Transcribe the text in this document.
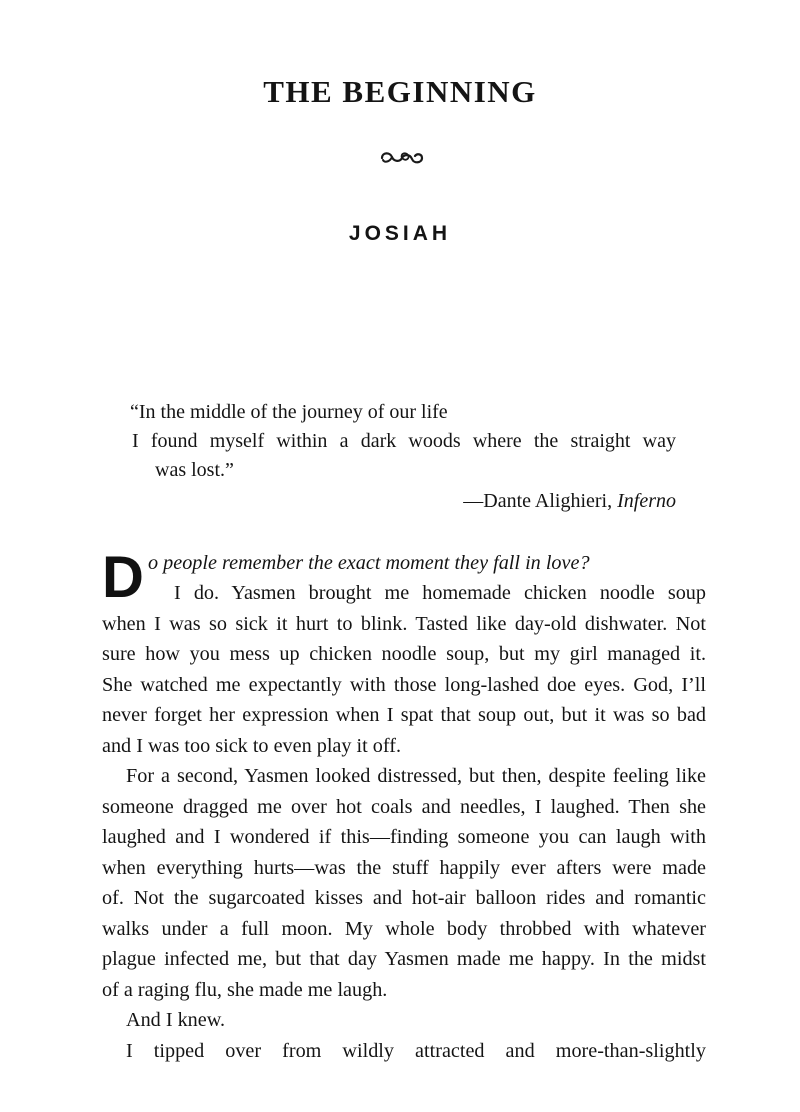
THE BEGINNING
JOSIAH
“In the middle of the journey of our life
I found myself within a dark woods where the straight way
was lost.”
—Dante Alighieri, Inferno
D o people remember the exact moment they fall in love?
I do. Yasmen brought me homemade chicken noodle soup
when I was so sick it hurt to blink. Tasted like day-old dishwater. Not
sure how you mess up chicken noodle soup, but my girl managed it.
She watched me expectantly with those long-lashed doe eyes. God, I’ll
never forget her expression when I spat that soup out, but it was so bad
and I was too sick to even play it off.
For a second, Yasmen looked distressed, but then, despite feeling like
someone dragged me over hot coals and needles, I laughed. Then she
laughed and I wondered if this—finding someone you can laugh with
when everything hurts—was the stuff happily ever afters were made
of. Not the sugarcoated kisses and hot-air balloon rides and romantic
walks under a full moon. My whole body throbbed with whatever
plague infected me, but that day Yasmen made me happy. In the midst
of a raging flu, she made me laugh.
And I knew.
I tipped over from wildly attracted and more-than-slightly
